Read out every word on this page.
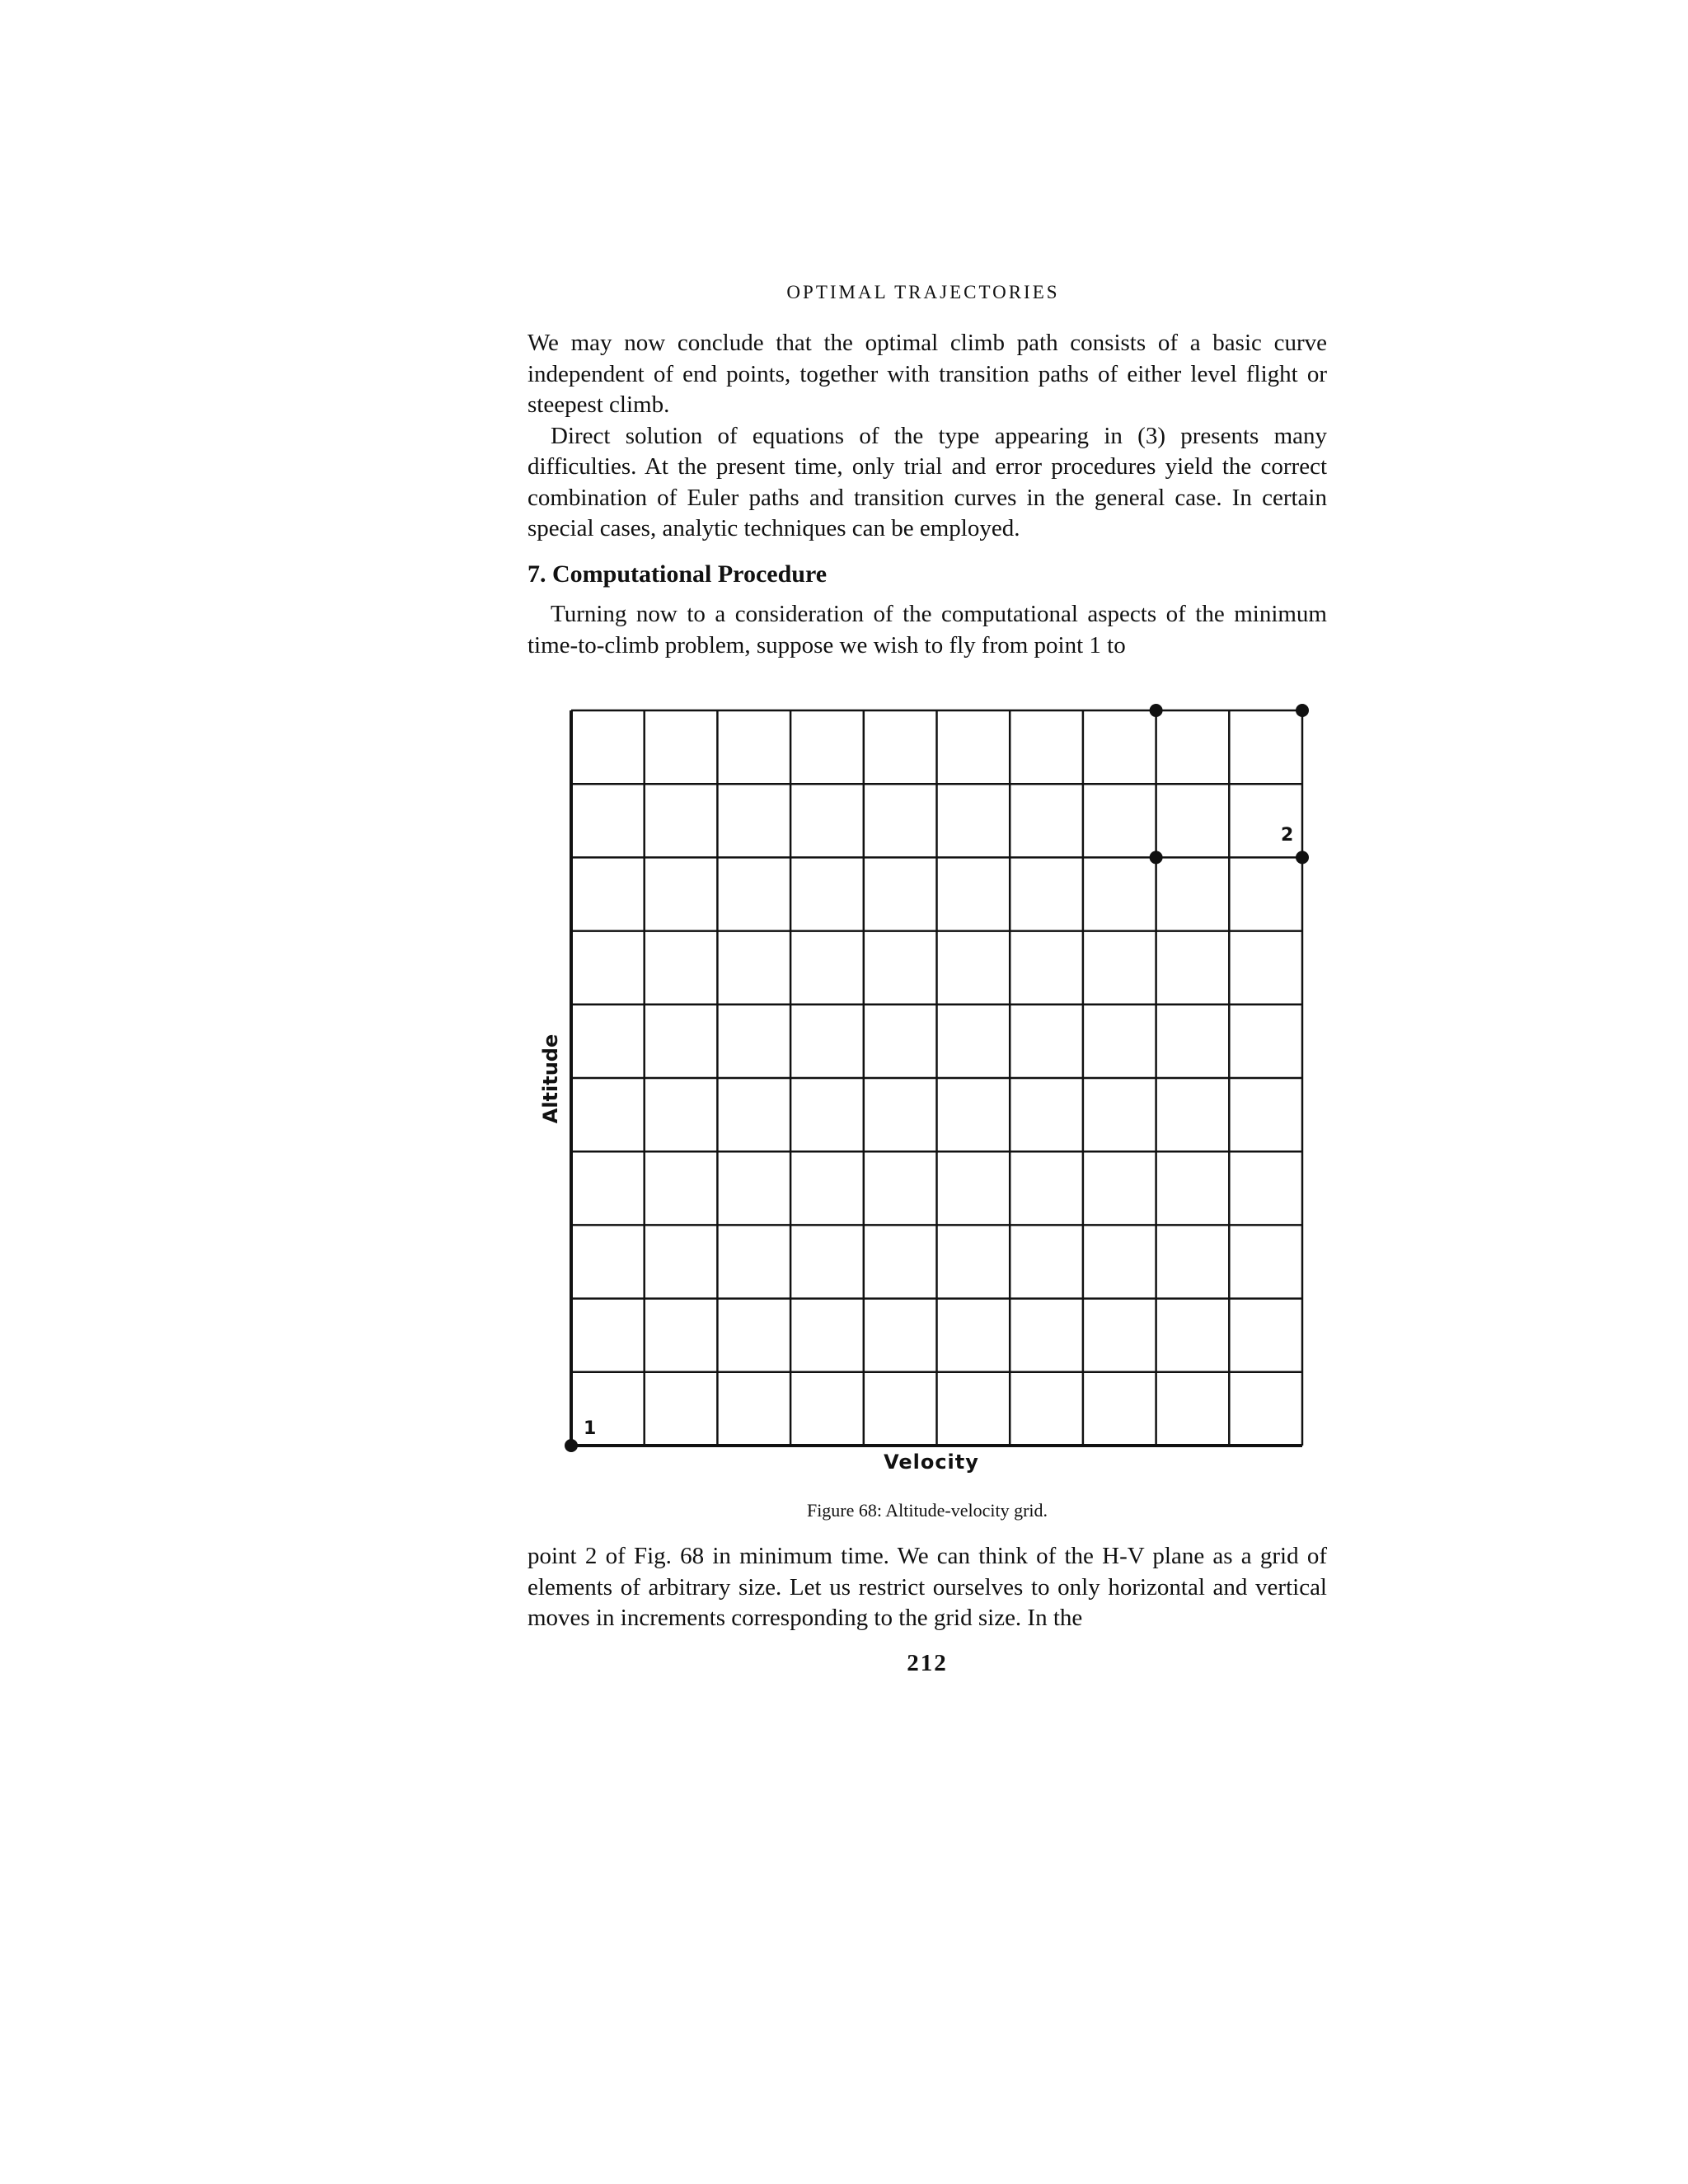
OPTIMAL TRAJECTORIES

We may now conclude that the optimal climb path consists of a basic curve independent of end points, together with transition paths of either level flight or steepest climb.

Direct solution of equations of the type appearing in (3) presents many difficulties. At the present time, only trial and error procedures yield the correct combination of Euler paths and transition curves in the general case. In certain special cases, analytic techniques can be employed.

7. Computational Procedure

Turning now to a consideration of the computational aspects of the minimum time-to-climb problem, suppose we wish to fly from point 1 to

Altitude
Velocity
1
2
Figure 68: Altitude-velocity grid.

point 2 of Fig. 68 in minimum time. We can think of the H-V plane as a grid of elements of arbitrary size. Let us restrict ourselves to only horizontal and vertical moves in increments corresponding to the grid size. In the

212
